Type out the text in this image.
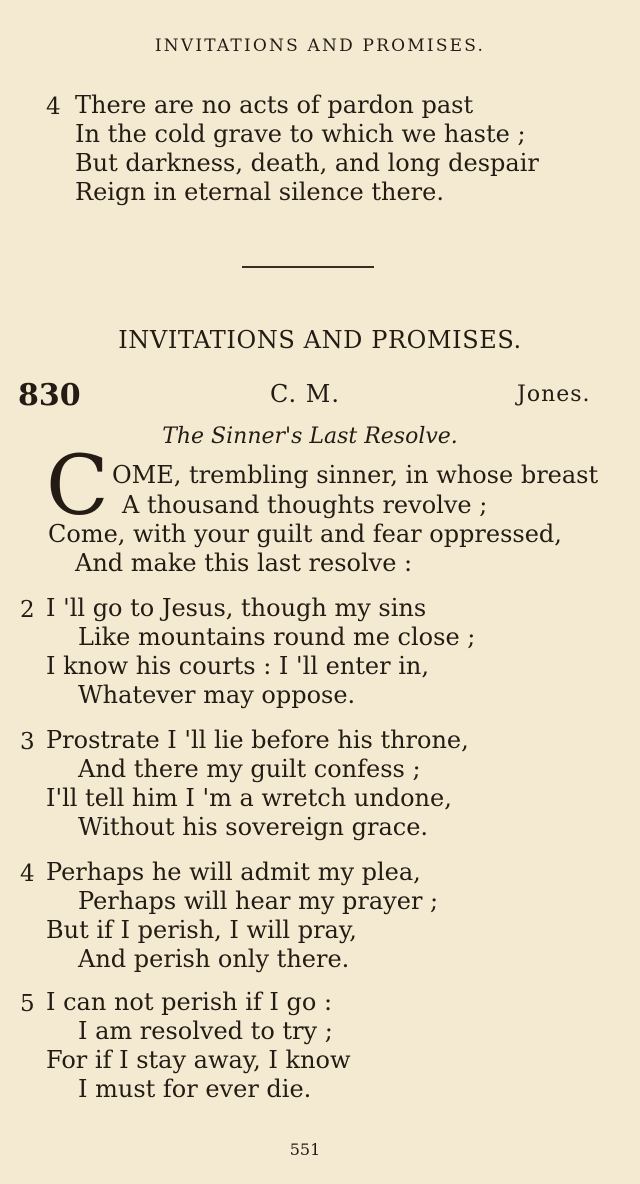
INVITATIONS AND PROMISES.
4 There are no acts of pardon past
In the cold grave to which we haste ;
But darkness, death, and long despair
Reign in eternal silence there.
INVITATIONS AND PROMISES.
830	C. M.	Jones.
The Sinner's Last Resolve.
C OME, trembling sinner, in whose breast
A thousand thoughts revolve ;
Come, with your guilt and fear oppressed,
And make this last resolve :
2 I 'll go to Jesus, though my sins
Like mountains round me close ;
I know his courts : I 'll enter in,
Whatever may oppose.
3 Prostrate I 'll lie before his throne,
And there my guilt confess ;
I'll tell him I 'm a wretch undone,
Without his sovereign grace.
4 Perhaps he will admit my plea,
Perhaps will hear my prayer ;
But if I perish, I will pray,
And perish only there.
5 I can not perish if I go :
I am resolved to try ;
For if I stay away, I know
I must for ever die.
551
